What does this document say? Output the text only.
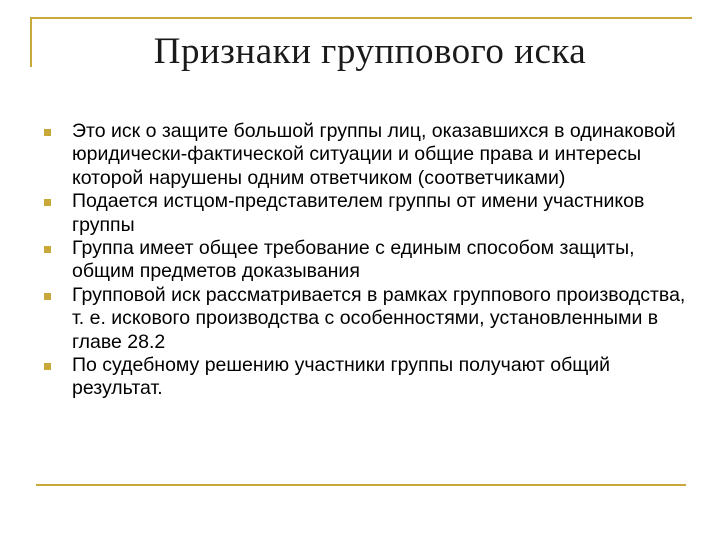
Признаки группового иска
Это иск о защите большой группы лиц, оказавшихся в одинаковой юридически-фактической ситуации и общие права и интересы которой нарушены одним ответчиком (соответчиками)
Подается истцом-представителем группы от имени участников группы
Группа имеет общее требование с единым способом защиты, общим предметов доказывания
Групповой иск рассматривается в рамках группового производства, т. е. искового производства с особенностями, установленными в главе 28.2
По судебному решению участники группы получают общий результат.
